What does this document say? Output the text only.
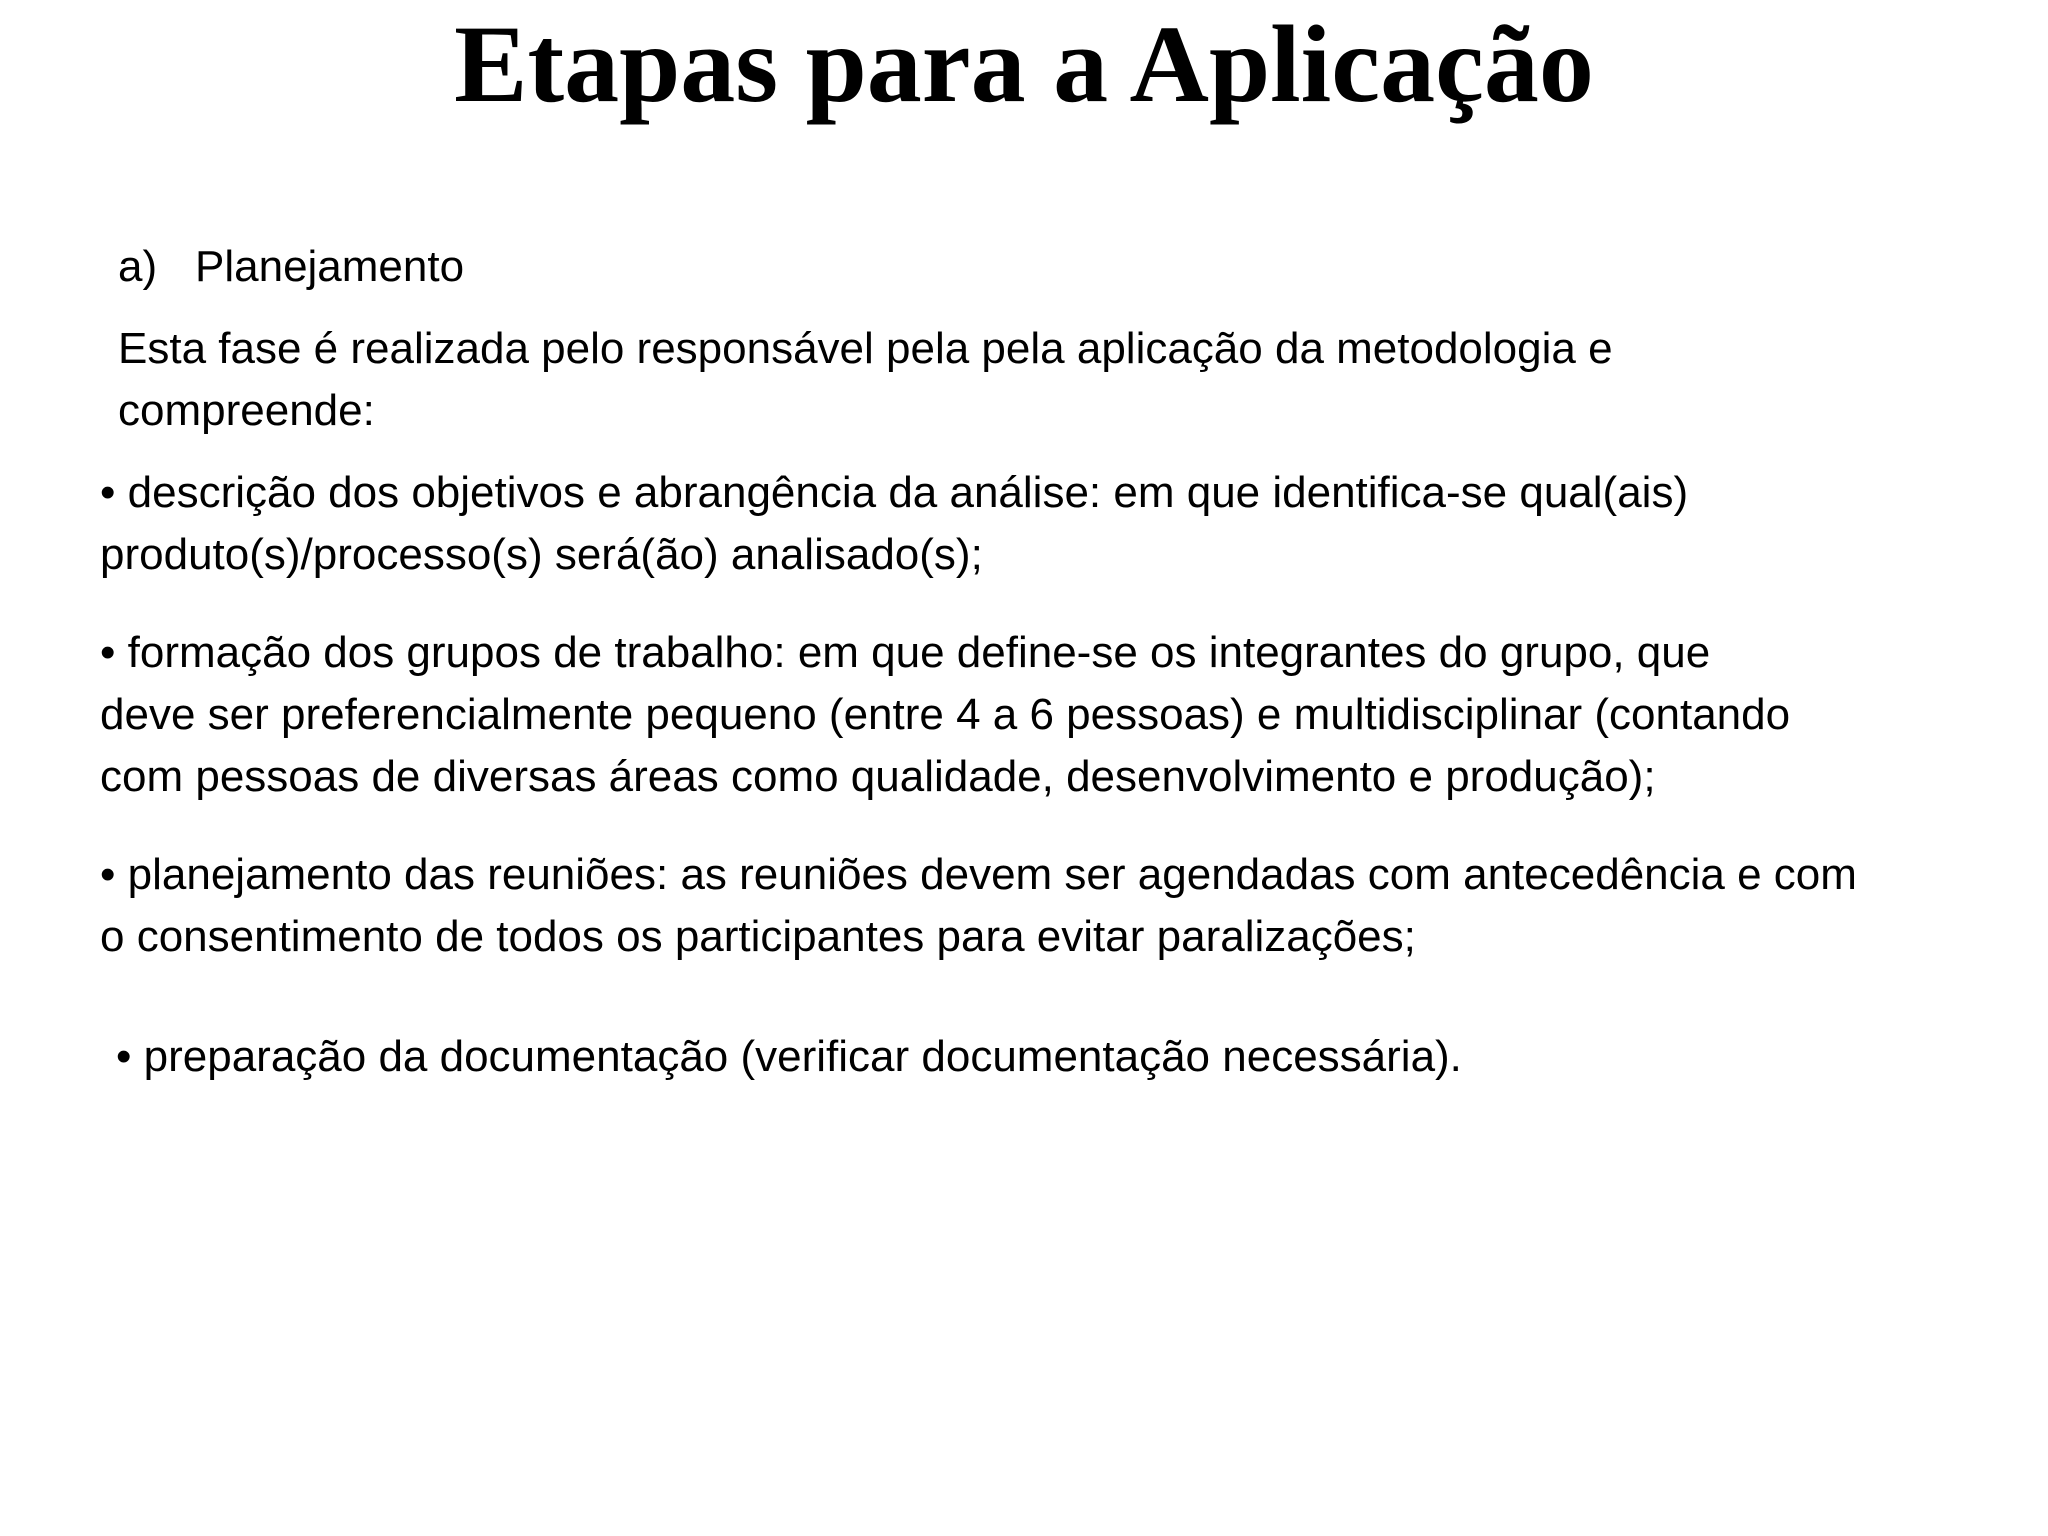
Etapas para a Aplicação
a) Planejamento
Esta fase é realizada pelo responsável pela pela aplicação da metodologia e
compreende:
• descrição dos objetivos e abrangência da análise: em que identifica-se qual(ais)
produto(s)/processo(s) será(ão) analisado(s);
• formação dos grupos de trabalho: em que define-se os integrantes do grupo, que
deve ser preferencialmente pequeno (entre 4 a 6 pessoas) e multidisciplinar (contando
com pessoas de diversas áreas como qualidade, desenvolvimento e produção);
• planejamento das reuniões: as reuniões devem ser agendadas com antecedência e com
o consentimento de todos os participantes para evitar paralizações;
• preparação da documentação (verificar documentação necessária).
